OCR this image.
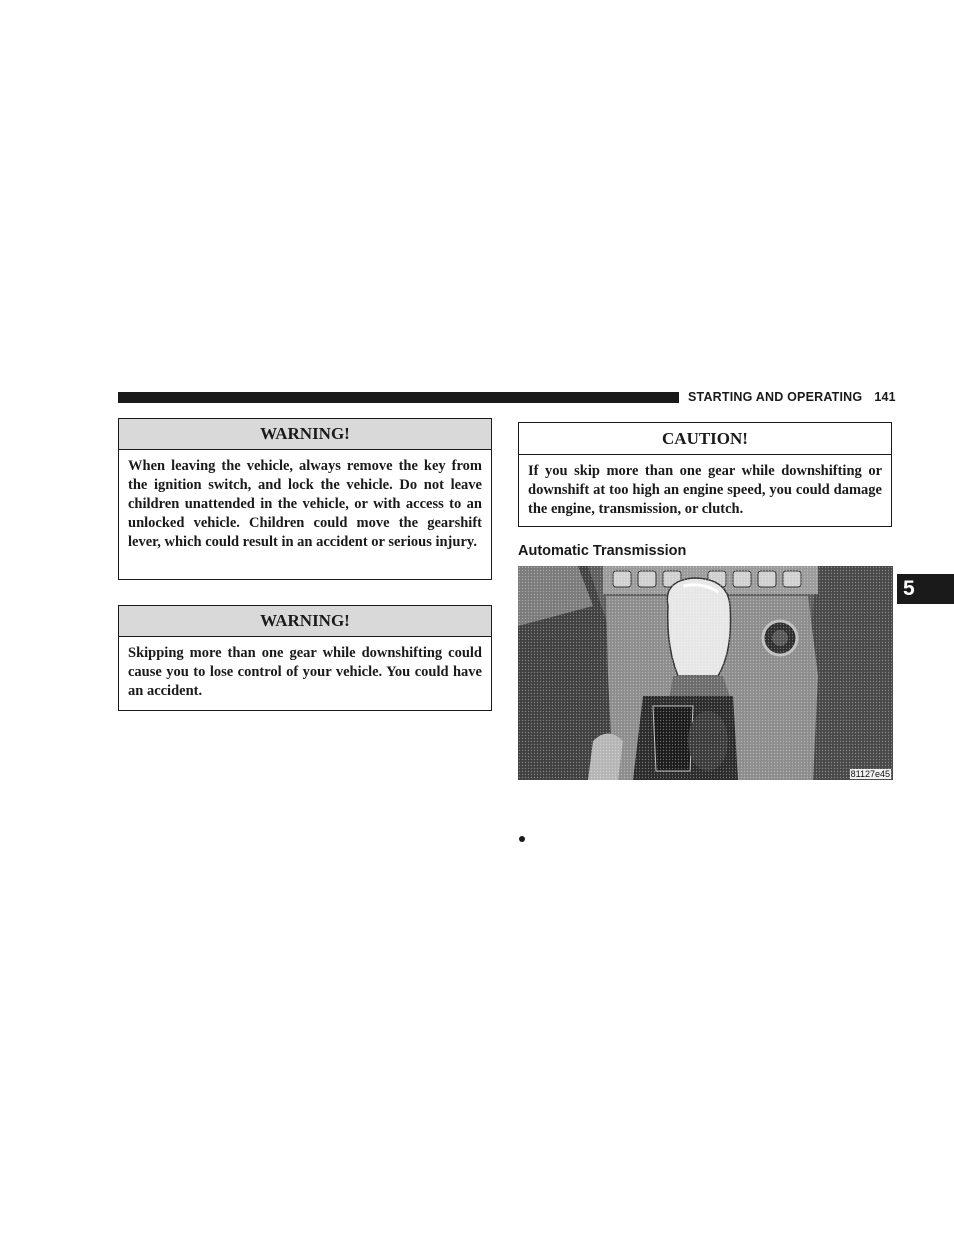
STARTING AND OPERATING 141
WARNING!
When leaving the vehicle, always remove the key from the ignition switch, and lock the vehicle. Do not leave children unattended in the vehicle, or with access to an unlocked vehicle. Children could move the gearshift lever, which could result in an accident or serious injury.
WARNING!
Skipping more than one gear while downshifting could cause you to lose control of your vehicle. You could have an accident.
CAUTION!
If you skip more than one gear while downshifting or downshift at too high an engine speed, you could damage the engine, transmission, or clutch.
Automatic Transmission
81127e45
5
